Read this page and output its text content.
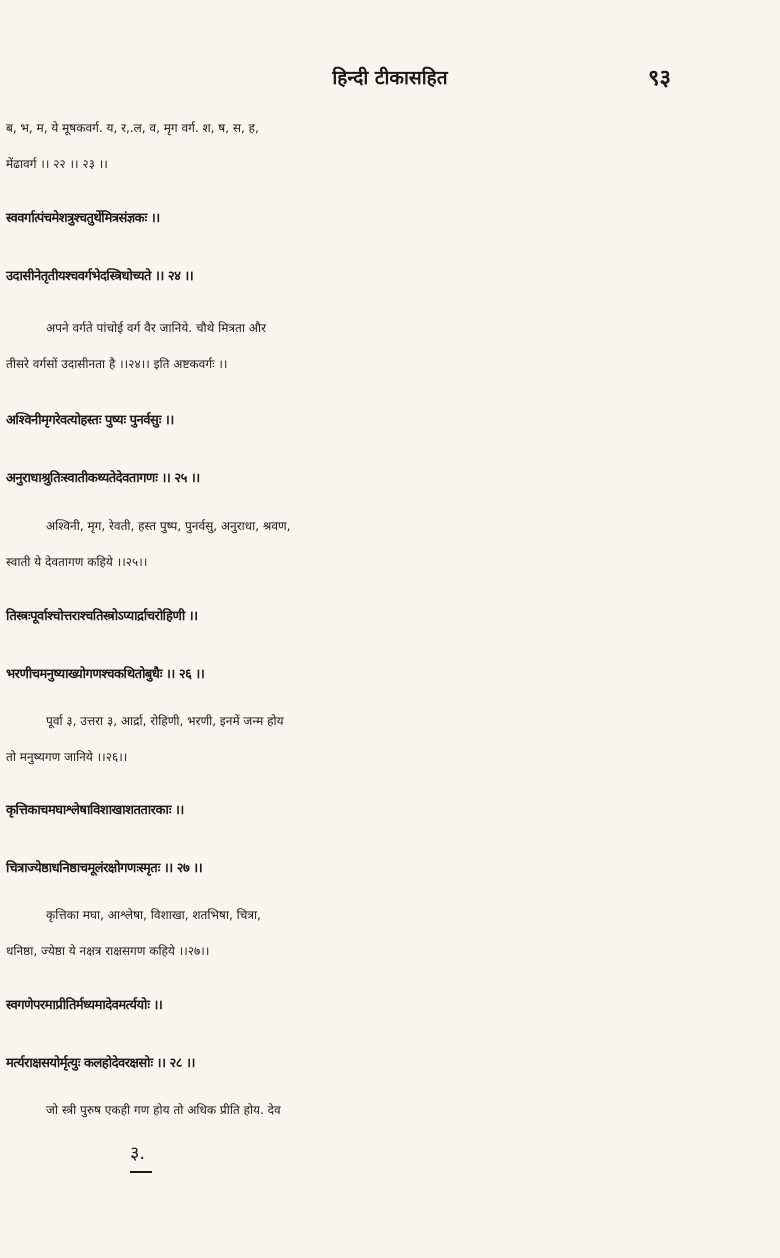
हिन्दी टीकासहित	९३

ब, भ, म, ये मूषकवर्ग. य, र,.ल, व, मृग वर्ग. श, ष, स, ह,

मेंढावर्ग ।। २२ ।। २३ ।।

स्ववर्गात्पंचमेशत्रुश्चतुर्थेमित्रसंज्ञकः ।।

उदासीनेतृतीयश्चवर्गभेदस्त्रिधोच्यते ।। २४ ।।

अपने वर्गते पांचोई वर्ग वैर जानिये. चौथे मित्रता और

तीसरे वर्गसों उदासीनता है ।।२४।। इति अष्टकवर्गः ।।

अश्विनीमृगरेवत्योहस्तः पुष्यः पुनर्वसुः ।।

अनुराधाश्रुतिःस्वातीकथ्यतेदेवतागणः ।। २५ ।।

अश्विनी, मृग, रेवती, हस्त पुष्प, पुनर्वसु, अनुराधा, श्रवण,

स्वाती ये देवतागण कहिये ।।२५।।

तिस्त्रःपूर्वाश्चोत्तराश्चतिस्त्रोऽप्यार्द्राचरोहिणी ।।

भरणीचमनुष्याख्योगणश्चकथितोबुधैः ।। २६ ।।

पूर्वा ३, उत्तरा ३, आर्द्रा, रोहिणी, भरणी, इनमें जन्म होय

तो मनुष्यगण जानिये ।।२६।।

कृत्तिकाचमघाश्लेषाविशाखाशततारकाः ।।

चित्राज्येष्ठाधनिष्ठाचमूलंरक्षोगणःस्मृतः ।। २७ ।।

कृत्तिका मघा, आश्लेषा, विशाखा, शतभिषा, चित्रा,

धनिष्ठा, ज्येष्ठा ये नक्षत्र राक्षसगण कहिये ।।२७।।

स्वगणेपरमाप्रीतिर्मध्यमादेवमर्त्ययोः ।।

मर्त्यराक्षसयोर्मृत्युः कलहोदेवरक्षसोः ।। २८ ।।

जो स्त्री पुरुष एकही गण होय तो अधिक प्रीति होय. देव

३.
